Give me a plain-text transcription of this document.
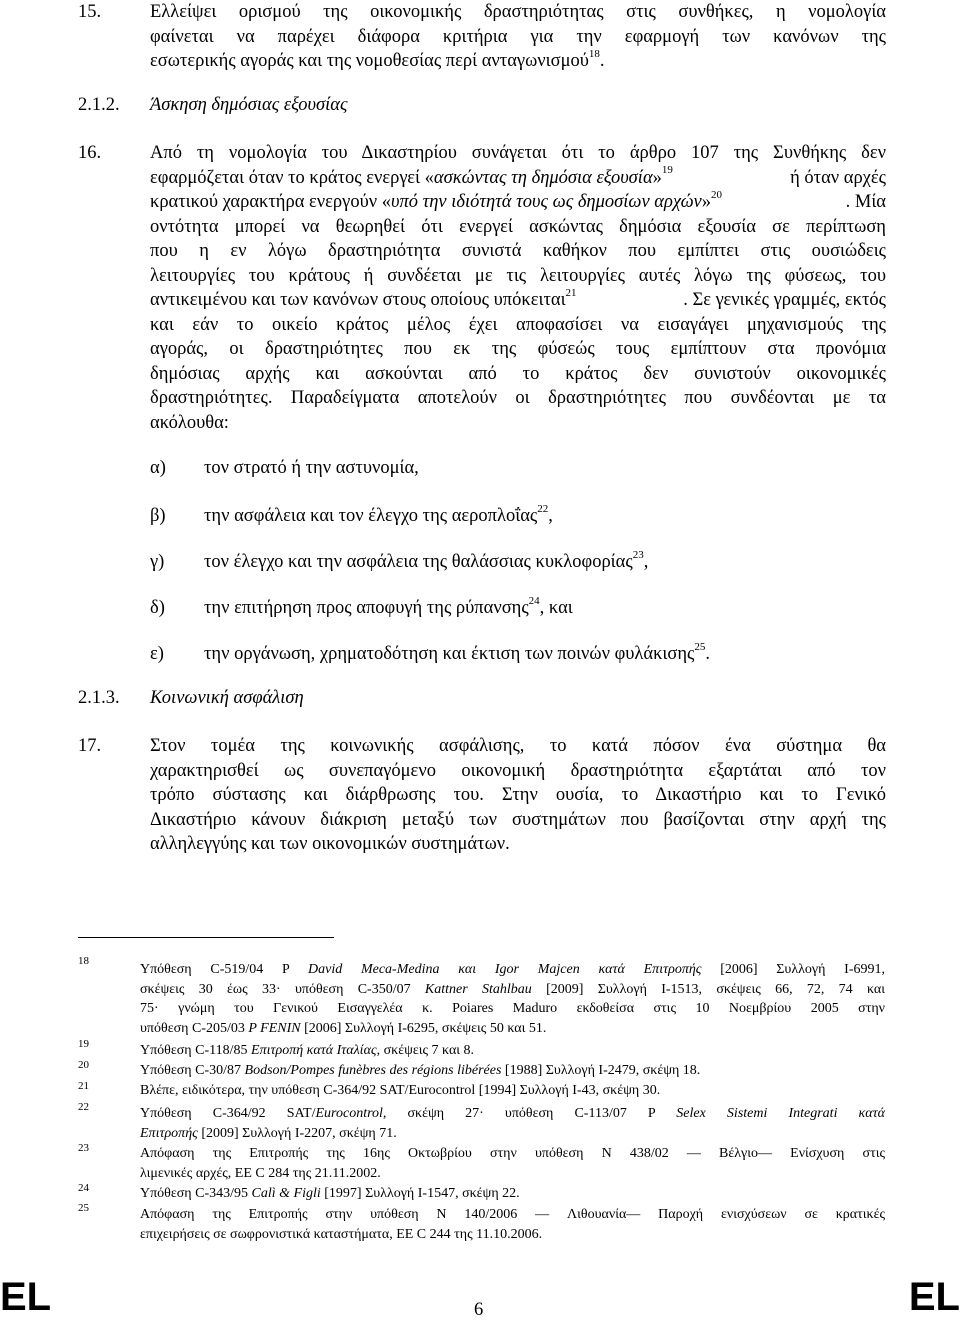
15.	Ελλείψει ορισμού της οικονομικής δραστηριότητας στις συνθήκες, η νομολογία
φαίνεται να παρέχει διάφορα κριτήρια για την εφαρμογή των κανόνων της
εσωτερικής αγοράς και της νομοθεσίας περί ανταγωνισμού$^{18}$.
2.1.2. Άσκηση δημόσιας εξουσίας
16.	Από τη νομολογία του Δικαστηρίου συνάγεται ότι το άρθρο 107 της Συνθήκης δεν
εφαρμόζεται όταν το κράτος ενεργεί «ασκώντας τη δημόσια εξουσία»$^{19}$	ή όταν αρχές
κρατικού χαρακτήρα ενεργούν «υπό την ιδιότητά τους ως δημοσίων αρχών»$^{20}$	. Μία
οντότητα μπορεί να θεωρηθεί ότι ενεργεί ασκώντας δημόσια εξουσία σε περίπτωση
που η εν λόγω δραστηριότητα συνιστά καθήκον που εμπίπτει στις ουσιώδεις
λειτουργίες του κράτους ή συνδέεται με τις λειτουργίες αυτές λόγω της φύσεως, του
αντικειμένου και των κανόνων στους οποίους υπόκειται$^{21}$	. Σε γενικές γραμμές, εκτός
και εάν το οικείο κράτος μέλος έχει αποφασίσει να εισαγάγει μηχανισμούς της
αγοράς, οι δραστηριότητες που εκ της φύσεώς τους εμπίπτουν στα προνόμια
δημόσιας αρχής και ασκούνται από το κράτος δεν συνιστούν οικονομικές
δραστηριότητες. Παραδείγματα αποτελούν οι δραστηριότητες που συνδέονται με τα
ακόλουθα:
α) τον στρατό ή την αστυνομία,
β) την ασφάλεια και τον έλεγχο της αεροπλοΐας$^{22}$,
γ) τον έλεγχο και την ασφάλεια της θαλάσσιας κυκλοφορίας$^{23}$,
δ) την επιτήρηση προς αποφυγή της ρύπανσης$^{24}$, και
ε) την οργάνωση, χρηματοδότηση και έκτιση των ποινών φυλάκισης$^{25}$.
2.1.3. Κοινωνική ασφάλιση
17.	Στον τομέα της κοινωνικής ασφάλισης, το κατά πόσον ένα σύστημα θα
χαρακτηρισθεί ως συνεπαγόμενο οικονομική δραστηριότητα εξαρτάται από τον
τρόπο σύστασης και διάρθρωσης του. Στην ουσία, το Δικαστήριο και το Γενικό
Δικαστήριο κάνουν διάκριση μεταξύ των συστημάτων που βασίζονται στην αρχή της
αλληλεγγύης και των οικονομικών συστημάτων.
18
Υπόθεση C-519/04 P David Meca-Medina και Igor Majcen κατά Επιτροπής [2006] Συλλογή I-6991,
σκέψεις 30 έως 33· υπόθεση C-350/07 Kattner Stahlbau [2009] Συλλογή I-1513, σκέψεις 66, 72, 74 και
75· γνώμη του Γενικού Εισαγγελέα κ. Poiares Maduro εκδοθείσα στις 10 Νοεμβρίου 2005 στην
υπόθεση C-205/03 P FENIN [2006] Συλλογή I-6295, σκέψεις 50 και 51.
19	Υπόθεση C-118/85 Επιτροπή κατά Ιταλίας, σκέψεις 7 και 8.
20	Υπόθεση C-30/87 Bodson/Pompes funèbres des régions libérées [1988] Συλλογή I-2479, σκέψη 18.
21	Βλέπε, ειδικότερα, την υπόθεση C-364/92 SAT/Eurocontrol [1994] Συλλογή I-43, σκέψη 30.
22	Υπόθεση C-364/92 SAT/Eurocontrol, σκέψη 27· υπόθεση C-113/07 P Selex Sistemi Integrati κατά
Επιτροπής [2009] Συλλογή I-2207, σκέψη 71.
23	Απόφαση της Επιτροπής της 16ης Οκτωβρίου στην υπόθεση N 438/02 — Βέλγιο— Ενίσχυση στις
λιμενικές αρχές, ΕΕ C 284 της 21.11.2002.
24	Υπόθεση C-343/95 Calì & Figli [1997] Συλλογή I-1547, σκέψη 22.
25	Απόφαση της Επιτροπής στην υπόθεση N 140/2006 — Λιθουανία— Παροχή ενισχύσεων σε κρατικές
επιχειρήσεις σε σωφρονιστικά καταστήματα, ΕΕ C 244 της 11.10.2006.
EL	6	EL
